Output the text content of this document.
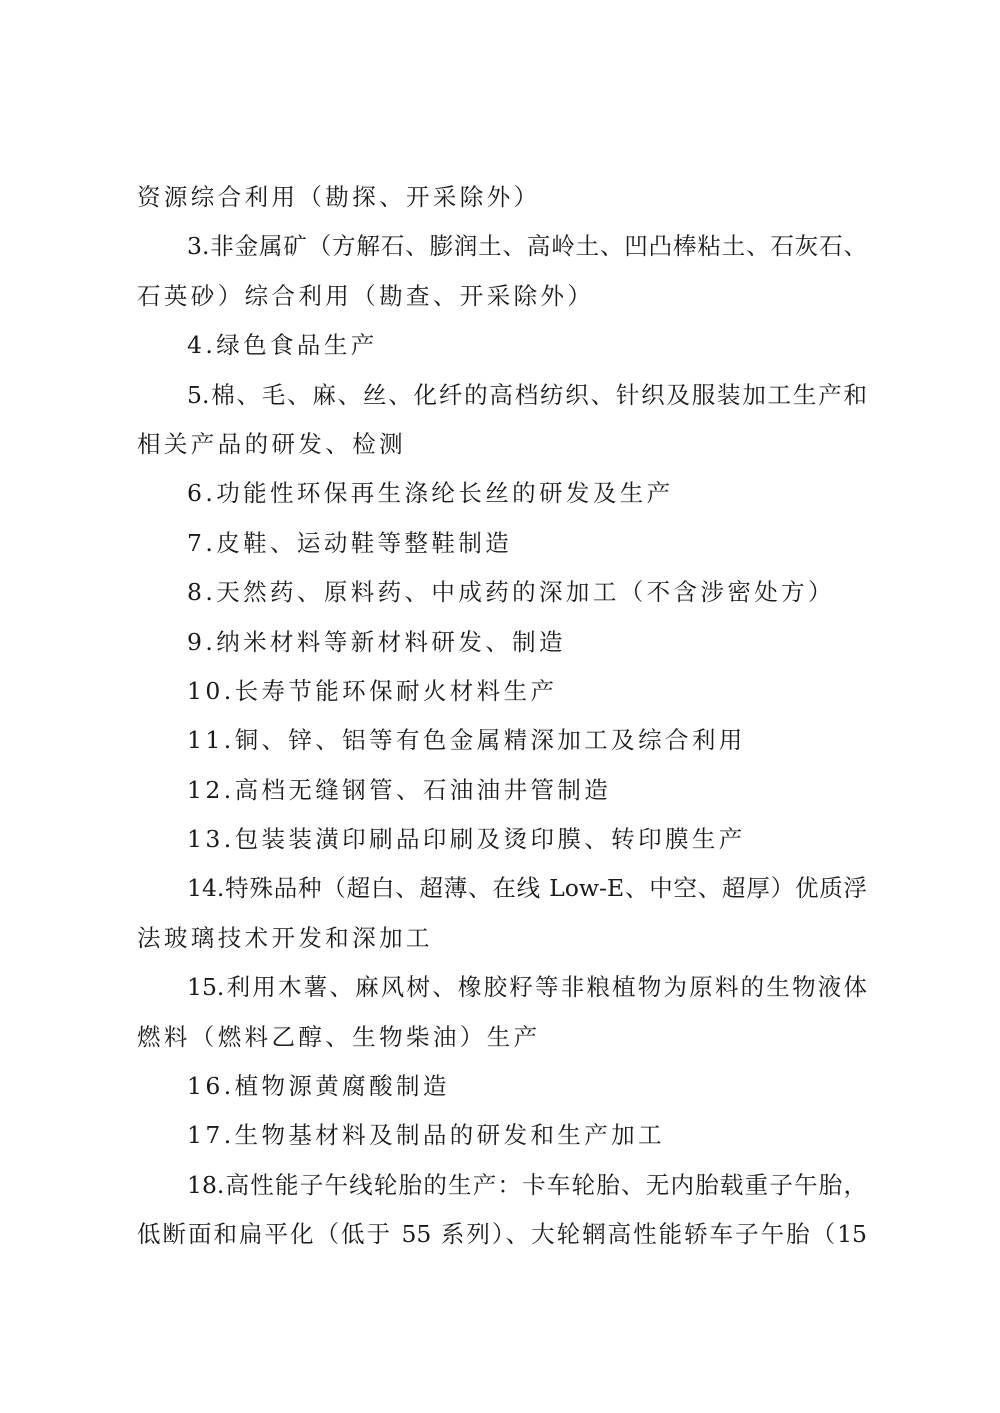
资源综合利用（勘探、开采除外）
3.非金属矿（方解石、膨润土、高岭土、凹凸棒粘土、石灰石、
石英砂）综合利用（勘查、开采除外）
4.绿色食品生产
5.棉、毛、麻、丝、化纤的高档纺织、针织及服装加工生产和
相关产品的研发、检测
6.功能性环保再生涤纶长丝的研发及生产
7.皮鞋、运动鞋等整鞋制造
8.天然药、原料药、中成药的深加工（不含涉密处方）
9.纳米材料等新材料研发、制造
10.长寿节能环保耐火材料生产
11.铜、锌、铝等有色金属精深加工及综合利用
12.高档无缝钢管、石油油井管制造
13.包装装潢印刷品印刷及烫印膜、转印膜生产
14.特殊品种（超白、超薄、在线 Low-E、中空、超厚）优质浮
法玻璃技术开发和深加工
15.利用木薯、麻风树、橡胶籽等非粮植物为原料的生物液体
燃料（燃料乙醇、生物柴油）生产
16.植物源黄腐酸制造
17.生物基材料及制品的研发和生产加工
18.高性能子午线轮胎的生产：卡车轮胎、无内胎载重子午胎，
低断面和扁平化（低于 55 系列）、大轮辋高性能轿车子午胎（15
